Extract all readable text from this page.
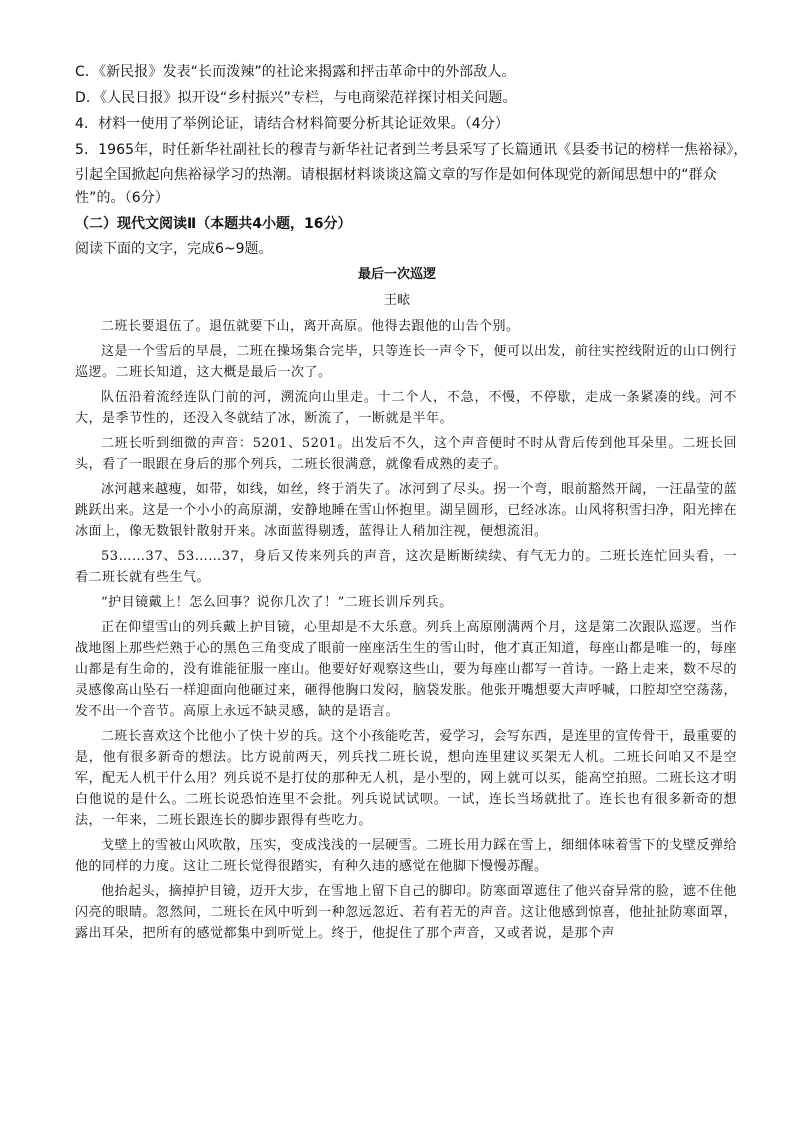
C．《新民报》发表“长而泼辣”的社论来揭露和抨击革命中的外部敌人。
D．《人民日报》拟开设“乡村振兴”专栏，与电商梁范祥探讨相关问题。
4．材料一使用了举例论证，请结合材料简要分析其论证效果。（4分）
5．1965年，时任新华社副社长的穆青与新华社记者到兰考县采写了长篇通讯《县委书记的榜样一焦裕禄》，
引起全国掀起向焦裕禄学习的热潮。请根据材料谈谈这篇文章的写作是如何体现党的新闻思想中的“群众
性”的。（6分）
（二）现代文阅读Ⅱ（本题共4小题，16分）
阅读下面的文字，完成6~9题。
最后一次巡逻
王畩

二班长要退伍了。退伍就要下山，离开高原。他得去跟他的山告个别。

这是一个雪后的早晨，二班在操场集合完毕，只等连长一声令下，便可以出发，前往实控线附近的山口例行巡逻。二班长知道，这大概是最后一次了。

队伍沿着流经连队门前的河，溯流向山里走。十二个人，不急，不慢，不停歇，走成一条紧凑的线。河不大，是季节性的，还没入冬就结了冰，断流了，一断就是半年。

二班长听到细微的声音：5201、5201。出发后不久，这个声音便时不时从背后传到他耳朵里。二班长回头，看了一眼跟在身后的那个列兵，二班长很满意，就像看成熟的麦子。

冰河越来越瘦，如带，如线，如丝，终于消失了。冰河到了尽头。拐一个弯，眼前豁然开阔，一汪晶莹的蓝跳跃出来。这是一个小小的高原湖，安静地睡在雪山怀抱里。湖呈圆形，已经冰冻。山风将积雪扫净，阳光摔在冰面上，像无数银针散射开来。冰面蓝得剔透，蓝得让人稍加注视，便想流泪。

53……37、53……37，身后又传来列兵的声音，这次是断断续续、有气无力的。二班长连忙回头看，一看二班长就有些生气。

“护目镜戴上！怎么回事？说你几次了！”二班长训斥列兵。

正在仰望雪山的列兵戴上护目镜，心里却是不大乐意。列兵上高原刚满两个月，这是第二次跟队巡逻。当作战地图上那些烂熟于心的黑色三角变成了眼前一座座活生生的雪山时，他才真正知道，每座山都是唯一的，每座山都是有生命的，没有谁能征服一座山。他要好好观察这些山，要为每座山都写一首诗。一路上走来，数不尽的灵感像高山坠石一样迎面向他砸过来，砸得他胸口发闷，脑袋发胀。他张开嘴想要大声呼喊，口腔却空空荡荡，发不出一个音节。高原上永远不缺灵感，缺的是语言。

二班长喜欢这个比他小了快十岁的兵。这个小孩能吃苦，爱学习，会写东西，是连里的宣传骨干，最重要的是，他有很多新奇的想法。比方说前两天，列兵找二班长说，想向连里建议买架无人机。二班长问咱又不是空军，配无人机干什么用？列兵说不是打仗的那种无人机，是小型的，网上就可以买，能高空拍照。二班长这才明白他说的是什么。二班长说恐怕连里不会批。列兵说试试呗。一试，连长当场就批了。连长也有很多新奇的想法，一年来，二班长跟连长的脚步跟得有些吃力。

戈壁上的雪被山风吹散，压实，变成浅浅的一层硬雪。二班长用力踩在雪上，细细体味着雪下的戈壁反弹给他的同样的力度。这让二班长觉得很踏实，有种久违的感觉在他脚下慢慢苏醒。

他抬起头，摘掉护目镜，迈开大步，在雪地上留下自己的脚印。防寒面罩遮住了他兴奋异常的脸，遮不住他闪亮的眼睛。忽然间，二班长在风中听到一种忽远忽近、若有若无的声音。这让他感到惊喜，他扯扯防寒面罩，露出耳朵，把所有的感觉都集中到听觉上。终于，他捉住了那个声音，又或者说，是那个声
